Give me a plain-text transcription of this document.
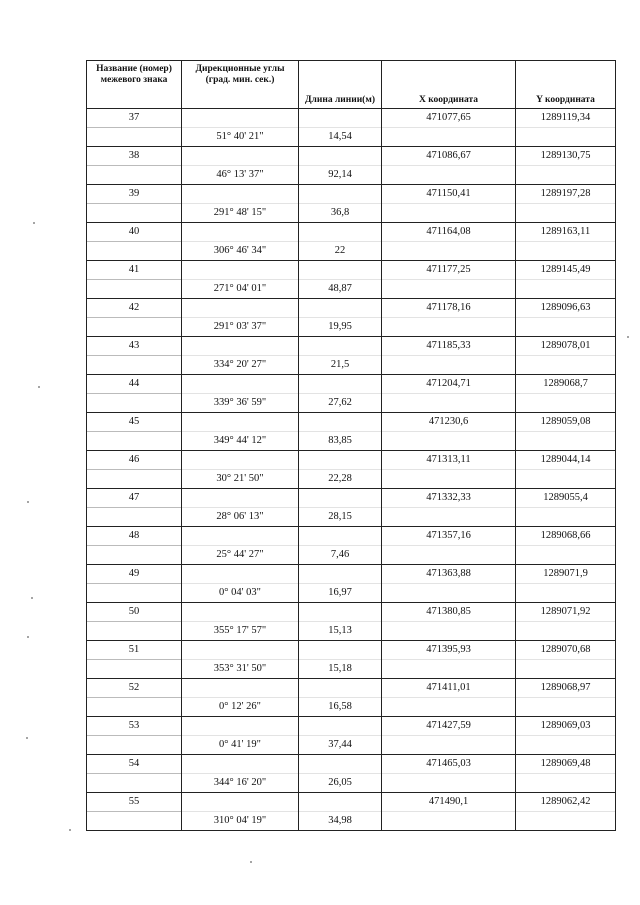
Название (номер) межевого знака	Дирекционные углы (град. мин. сек.)	Длина линии(м)	X координата	Y координата
37			471077,65	1289119,34
	51° 40' 21"	14,54		
38			471086,67	1289130,75
	46° 13' 37"	92,14		
39			471150,41	1289197,28
	291° 48' 15"	36,8		
40			471164,08	1289163,11
	306° 46' 34"	22		
41			471177,25	1289145,49
	271° 04' 01"	48,87		
42			471178,16	1289096,63
	291° 03' 37"	19,95		
43			471185,33	1289078,01
	334° 20' 27"	21,5		
44			471204,71	1289068,7
	339° 36' 59"	27,62		
45			471230,6	1289059,08
	349° 44' 12"	83,85		
46			471313,11	1289044,14
	30° 21' 50"	22,28		
47			471332,33	1289055,4
	28° 06' 13"	28,15		
48			471357,16	1289068,66
	25° 44' 27"	7,46		
49			471363,88	1289071,9
	0° 04' 03"	16,97		
50			471380,85	1289071,92
	355° 17' 57"	15,13		
51			471395,93	1289070,68
	353° 31' 50"	15,18		
52			471411,01	1289068,97
	0° 12' 26"	16,58		
53			471427,59	1289069,03
	0° 41' 19"	37,44		
54			471465,03	1289069,48
	344° 16' 20"	26,05		
55			471490,1	1289062,42
	310° 04' 19"	34,98		
